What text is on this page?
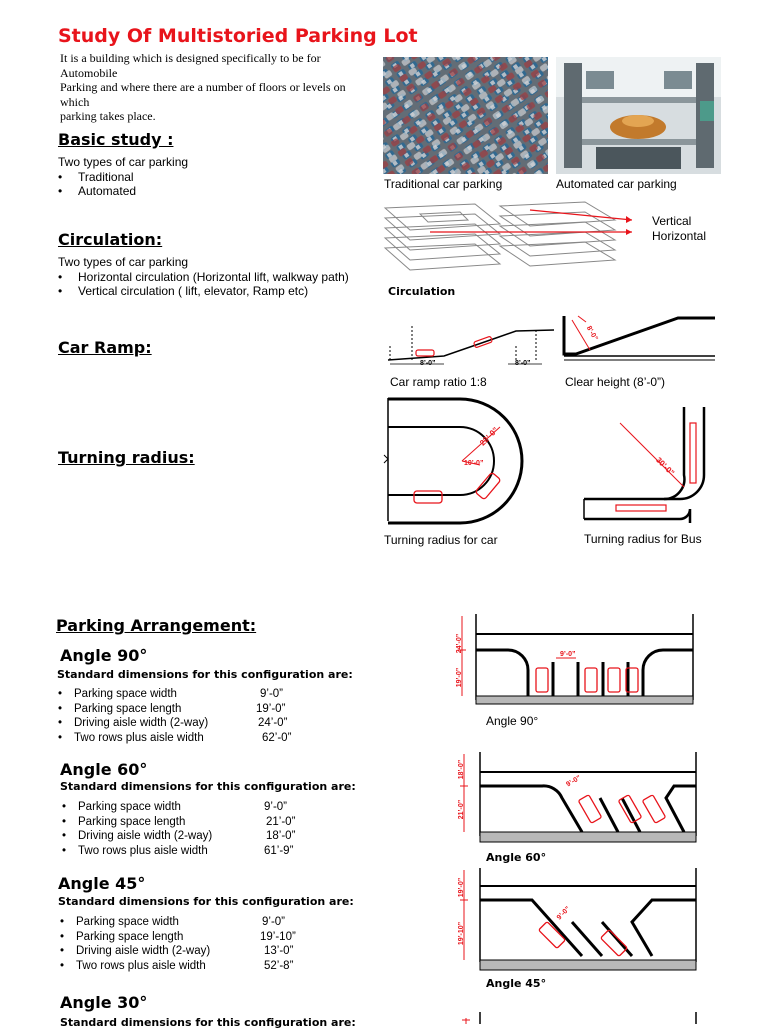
Study Of Multistoried Parking Lot
It is a building which is designed specifically to be for
Automobile
Parking and where there are a number of floors or levels on
which
parking takes place.
Basic study :
Two types of car parking
• Traditional
• Automated
Circulation:
Two types of car parking
• Horizontal circulation (Horizontal lift, walkway path)
• Vertical circulation ( lift, elevator, Ramp etc)
Car Ramp:
Turning radius:
Traditional car parking	Automated car parking
Vertical
Horizontal
Circulation
8’-0”	8’-0”
Car ramp ratio 1:8
8’-0”
Clear height (8’-0”)
22’-0”
10’-0”
Turning radius for car
30’-0”
Turning radius for Bus
Parking Arrangement:
Angle 90°
Standard dimensions for this configuration are:
• Parking space width	9’-0”
• Parking space length	19’-0”
• Driving aisle width (2-way)	24’-0”
• Two rows plus aisle width	62’-0”
24’-0”
19’-0”
9’-0”
Angle 90°
Angle 60°
Standard dimensions for this configuration are:
• Parking space width	9’-0”
• Parking space length	21’-0”
• Driving aisle width (2-way)	18’-0”
• Two rows plus aisle width	61’-9”
18’-0”
21’-0”
9’-0”
Angle 60°
Angle 45°
Standard dimensions for this configuration are:
• Parking space width	9’-0”
• Parking space length	19’-10”
• Driving aisle width (2-way)	13’-0”
• Two rows plus aisle width	52’-8”
19’-0”
19’-10”
9’-0”
Angle 45°
Angle 30°
Standard dimensions for this configuration are:
